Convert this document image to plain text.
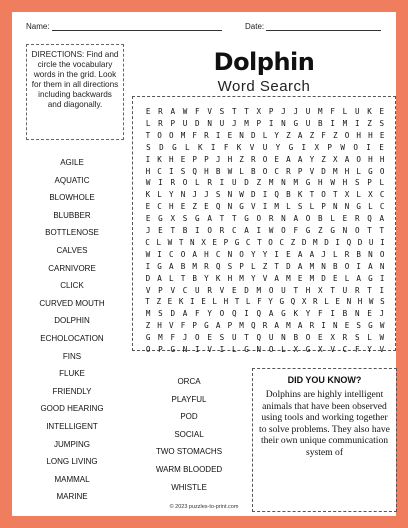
Name:	Date:
DIRECTIONS: Find and circle the vocabulary words in the grid. Look for them in all directions including backwards and diagonally.
Dolphin
Word Search
E	R	A	W	F	V	S	T	T	X	P	J	J	U	M	F	L	U	K	E
L	R	P	U	D	N	U	J	M	P	I	N	G	U	B	I	M	I	Z	S
T O O M F R I E N D L Y Z A Z F Z O H H E
S	D	G	L	K	I	F	K	V	U	Y	G	I	X	P	W	O	I	E
I K H E P P J H Z R O E A A Y Z X A O H H
H C I S Q H B W L B O C R P V D M H L G O
W	I	R	O	L	R	I	U	D	Z	M	N	M	G	H	W	H	S	P	L
K L Y N J J S N W D I Q B K T O T X L X C
E C H E Z E Q N G V I M L S L P N N G L C
E	G	X	S	G	A	T	T	G	O	R	N	A	O	B	L	E	R	Q	A
J	E	T	B	I	O	R	C	A	I	W	O	F	G	Z	G	N	O	T	T
C L W T N X E P G C T O C Z D M D I Q D U I
W I C O A H C N O Y Y I E A A J L R B N O
I G A B M R Q S P L Z T D A M N B O I A N
D A L T B Y K H M Y V A M E M D E L A G I
V	P	V	C	U	R	V	E	D	M	O	U	T	H	X	T	U	R	T	I
T Z E K I E L H T L F Y G Q X R L E N H W S
M	S	D	A	F	Y	O	Q	I	Q	A	G	K	Y	F	I	B	N	E	J
Z H V F P G A P M Q R A M A R I N E S G W
G	M	F	J	O	E	S	U	T	Q	U	N	B	O	E	X	R	S	L	W
O	P	G	N	I	V	I	L	G	N	O	L	X	G	X	V	C	F	Y	V
AGILE
AQUATIC
BLOWHOLE
BLUBBER
BOTTLENOSE
CALVES
CARNIVORE
CLICK
CURVED MOUTH
DOLPHIN
ECHOLOCATION
FINS
FLUKE
FRIENDLY
GOOD HEARING
INTELLIGENT
JUMPING
LONG LIVING
MAMMAL
MARINE
ORCA
PLAYFUL
POD
SOCIAL
TWO STOMACHS
WARM BLOODED
WHISTLE
DID YOU KNOW?
Dolphins are highly intelligent animals that have been observed using tools and working together to solve problems. They also have their own unique communication system of
© 2023 puzzles-to-print.com
